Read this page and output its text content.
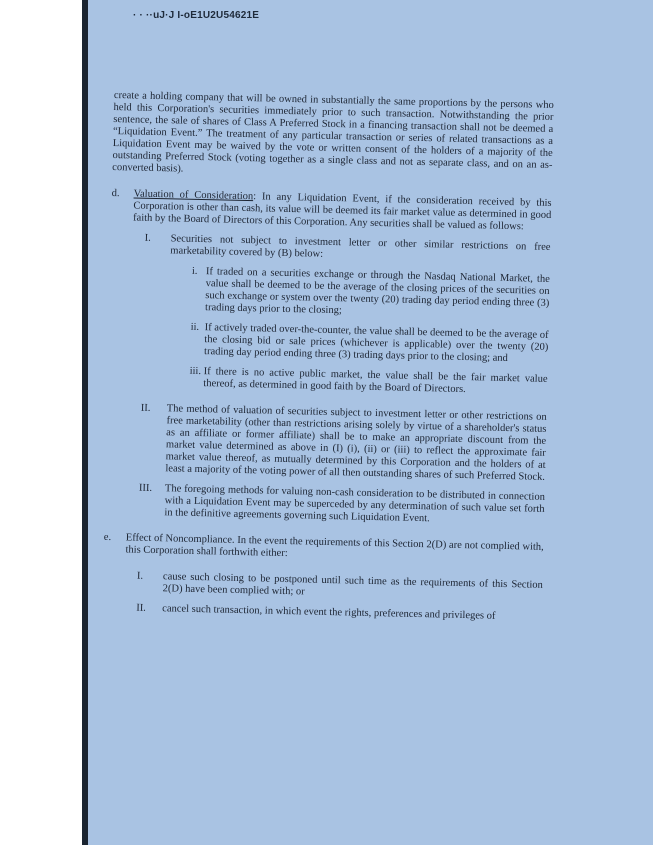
· · ··uJ·J I-oE1U2U54621E

create a holding company that will be owned in substantially the same proportions by the persons who held this Corporation's securities immediately prior to such transaction. Notwithstanding the prior sentence, the sale of shares of Class A Preferred Stock in a financing transaction shall not be deemed a “Liquidation Event.” The treatment of any particular transaction or series of related transactions as a Liquidation Event may be waived by the vote or written consent of the holders of a majority of the outstanding Preferred Stock (voting together as a single class and not as separate class, and on an as-converted basis).

d.	Valuation of Consideration: In any Liquidation Event, if the consideration received by this Corporation is other than cash, its value will be deemed its fair market value as determined in good faith by the Board of Directors of this Corporation. Any securities shall be valued as follows:
I.	Securities not subject to investment letter or other similar restrictions on free marketability covered by (B) below:
i. If traded on a securities exchange or through the Nasdaq National Market, the value shall be deemed to be the average of the closing prices of the securities on such exchange or system over the twenty (20) trading day period ending three (3) trading days prior to the closing;
ii. If actively traded over-the-counter, the value shall be deemed to be the average of the closing bid or sale prices (whichever is applicable) over the twenty (20) trading day period ending three (3) trading days prior to the closing; and
iii. If there is no active public market, the value shall be the fair market value thereof, as determined in good faith by the Board of Directors.
II.	The method of valuation of securities subject to investment letter or other restrictions on free marketability (other than restrictions arising solely by virtue of a shareholder's status as an affiliate or former affiliate) shall be to make an appropriate discount from the market value determined as above in (I) (i), (ii) or (iii) to reflect the approximate fair market value thereof, as mutually determined by this Corporation and the holders of at least a majority of the voting power of all then outstanding shares of such Preferred Stock.
III.	The foregoing methods for valuing non-cash consideration to be distributed in connection with a Liquidation Event may be superceded by any determination of such value set forth in the definitive agreements governing such Liquidation Event.
e.	Effect of Noncompliance. In the event the requirements of this Section 2(D) are not complied with, this Corporation shall forthwith either:
I.	cause such closing to be postponed until such time as the requirements of this Section 2(D) have been complied with; or
II.	cancel such transaction, in which event the rights, preferences and privileges of
